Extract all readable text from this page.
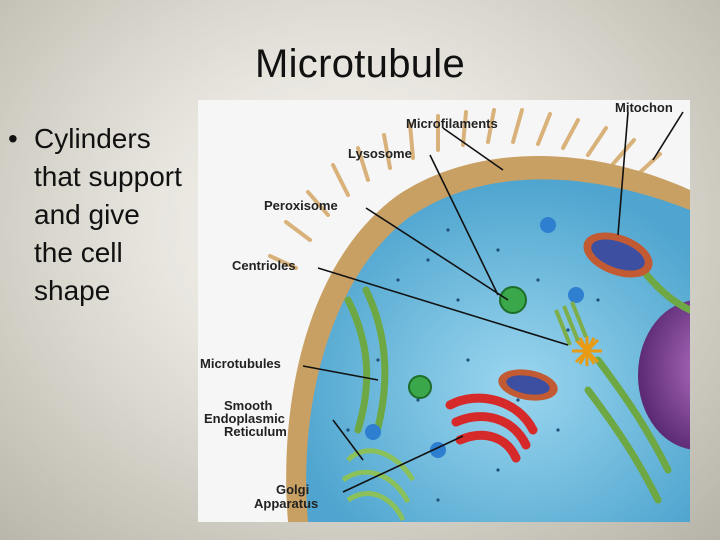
Microtubule
• Cylinders that support and give the cell shape
Mitochon
Microfilaments
Lysosome
Peroxisome
Centrioles
Microtubules
Smooth
Endoplasmic
Reticulum
Golgi
Apparatus
